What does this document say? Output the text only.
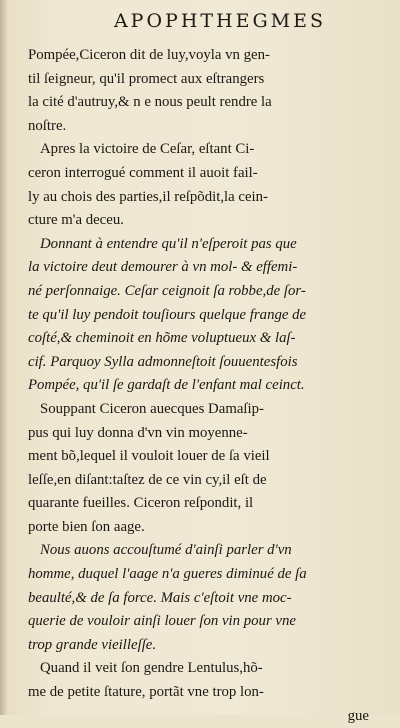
APOPHTHEGMES
Pompée,Ciceron dit de luy,voyla vn gen-
til ſeigneur, qu'il promect aux eſtrangers
la cité d'autruy,& n e nous peult rendre la
noſtre.
Apres la victoire de Ceſar, eſtant Ci-
ceron interrogué comment il auoit fail-
ly au chois des parties,il reſpõdit,la cein-
cture m'a deceu.
Donnant à entendre qu'il n'eſperoit pas que
la victoire deut demourer à vn mol- & effemi-
né perſonnaige. Ceſar ceignoit ſa robbe,de ſor-
te qu'il luy pendoit touſiours quelque frange de
coſté,& cheminoit en hõme voluptueux & laſ-
cif. Parquoy Sylla admonneſtoit ſouuentesfois
Pompée, qu'il ſe gardaſt de l'enfant mal ceinct.
Souppant Ciceron auecques Damaſip-
pus qui luy donna d'vn vin moyenne-
ment bõ,lequel il vouloit louer de ſa vieil
leſſe,en diſant:taſtez de ce vin cy,il eſt de
quarante fueilles. Ciceron reſpondit, il
porte bien ſon aage.
Nous auons accouſtumé d'ainſi parler d'vn
homme, duquel l'aage n'a gueres diminué de ſa
beaulté,& de ſa force. Mais c'eſtoit vne moc-
querie de vouloir ainſi louer ſon vin pour vne
trop grande vieilleſſe.
Quand il veit ſon gendre Lentulus,hõ-
me de petite ſtature, portãt vne trop lon-
gue
